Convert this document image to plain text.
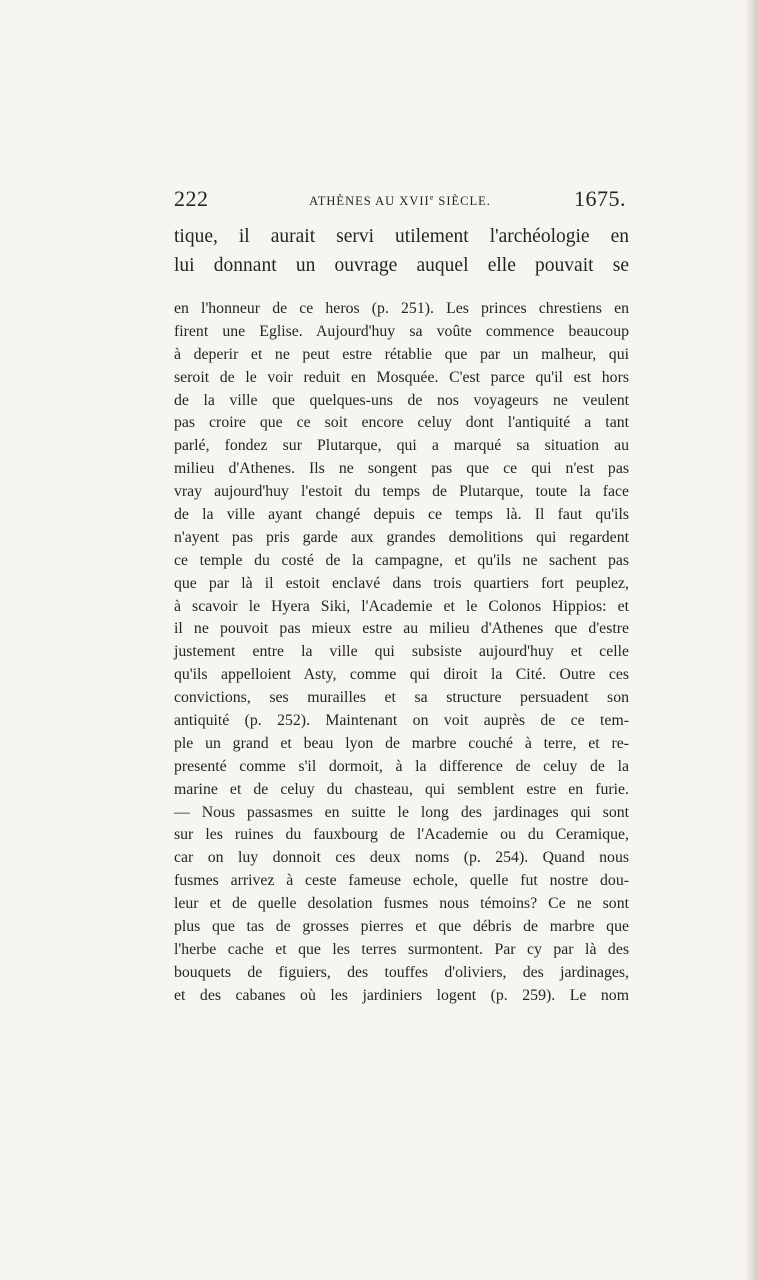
222	ATHÈNES AU XVIIe SIÈCLE.	1675.
tique, il aurait servi utilement l'archéologie en
lui donnant un ouvrage auquel elle pouvait se
en l'honneur de ce heros (p. 251). Les princes chrestiens en
firent une Eglise. Aujourd'huy sa voûte commence beaucoup
à deperir et ne peut estre rétablie que par un malheur, qui
seroit de le voir reduit en Mosquée. C'est parce qu'il est hors
de la ville que quelques-uns de nos voyageurs ne veulent
pas croire que ce soit encore celuy dont l'antiquité a tant
parlé, fondez sur Plutarque, qui a marqué sa situation au
milieu d'Athenes. Ils ne songent pas que ce qui n'est pas
vray aujourd'huy l'estoit du temps de Plutarque, toute la face
de la ville ayant changé depuis ce temps là. Il faut qu'ils
n'ayent pas pris garde aux grandes demolitions qui regardent
ce temple du costé de la campagne, et qu'ils ne sachent pas
que par là il estoit enclavé dans trois quartiers fort peuplez,
à scavoir le Hyera Siki, l'Academie et le Colonos Hippios: et
il ne pouvoit pas mieux estre au milieu d'Athenes que d'estre
justement entre la ville qui subsiste aujourd'huy et celle
qu'ils appelloient Asty, comme qui diroit la Cité. Outre ces
convictions, ses murailles et sa structure persuadent son
antiquité (p. 252). Maintenant on voit auprès de ce tem-
ple un grand et beau lyon de marbre couché à terre, et re-
presenté comme s'il dormoit, à la difference de celuy de la
marine et de celuy du chasteau, qui semblent estre en furie.
— Nous passasmes en suitte le long des jardinages qui sont
sur les ruines du fauxbourg de l'Academie ou du Ceramique,
car on luy donnoit ces deux noms (p. 254). Quand nous
fusmes arrivez à ceste fameuse echole, quelle fut nostre dou-
leur et de quelle desolation fusmes nous témoins? Ce ne sont
plus que tas de grosses pierres et que débris de marbre que
l'herbe cache et que les terres surmontent. Par cy par là des
bouquets de figuiers, des touffes d'oliviers, des jardinages,
et des cabanes où les jardiniers logent (p. 259). Le nom
